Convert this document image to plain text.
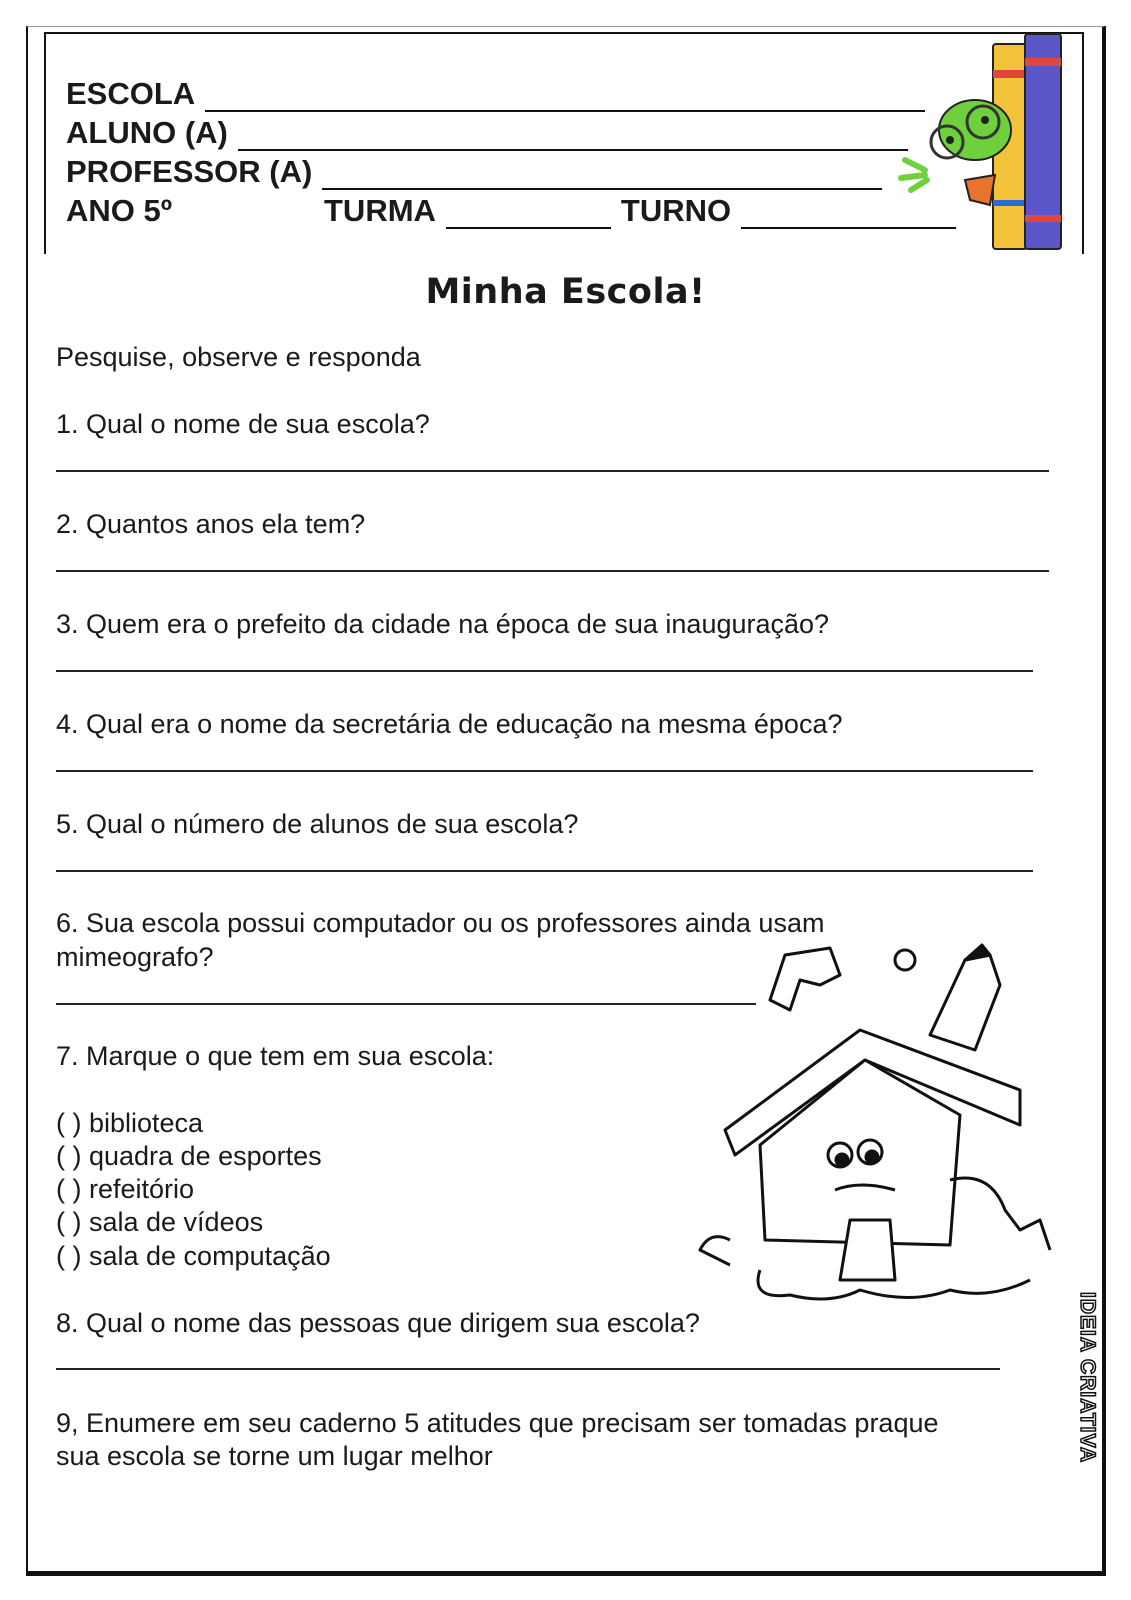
ESCOLA
ALUNO (A)
PROFESSOR (A)
ANO 5º	TURMA	TURNO
Minha Escola!
Pesquise, observe e responda
1. Qual o nome de sua escola?
2. Quantos anos ela tem?
3. Quem era o prefeito da cidade na época de sua inauguração?
4. Qual era o nome da secretária de educação na mesma época?
5. Qual o número de alunos de sua escola?
6. Sua escola possui computador ou os professores ainda usam
mimeografo?
7. Marque o que tem em sua escola:
( ) biblioteca
( ) quadra de esportes
( ) refeitório
( ) sala de vídeos
( ) sala de computação
8. Qual o nome das pessoas que dirigem sua escola?
9, Enumere em seu caderno 5 atitudes que precisam ser tomadas praque
sua escola se torne um lugar melhor	IDEIA CRIATIVA
